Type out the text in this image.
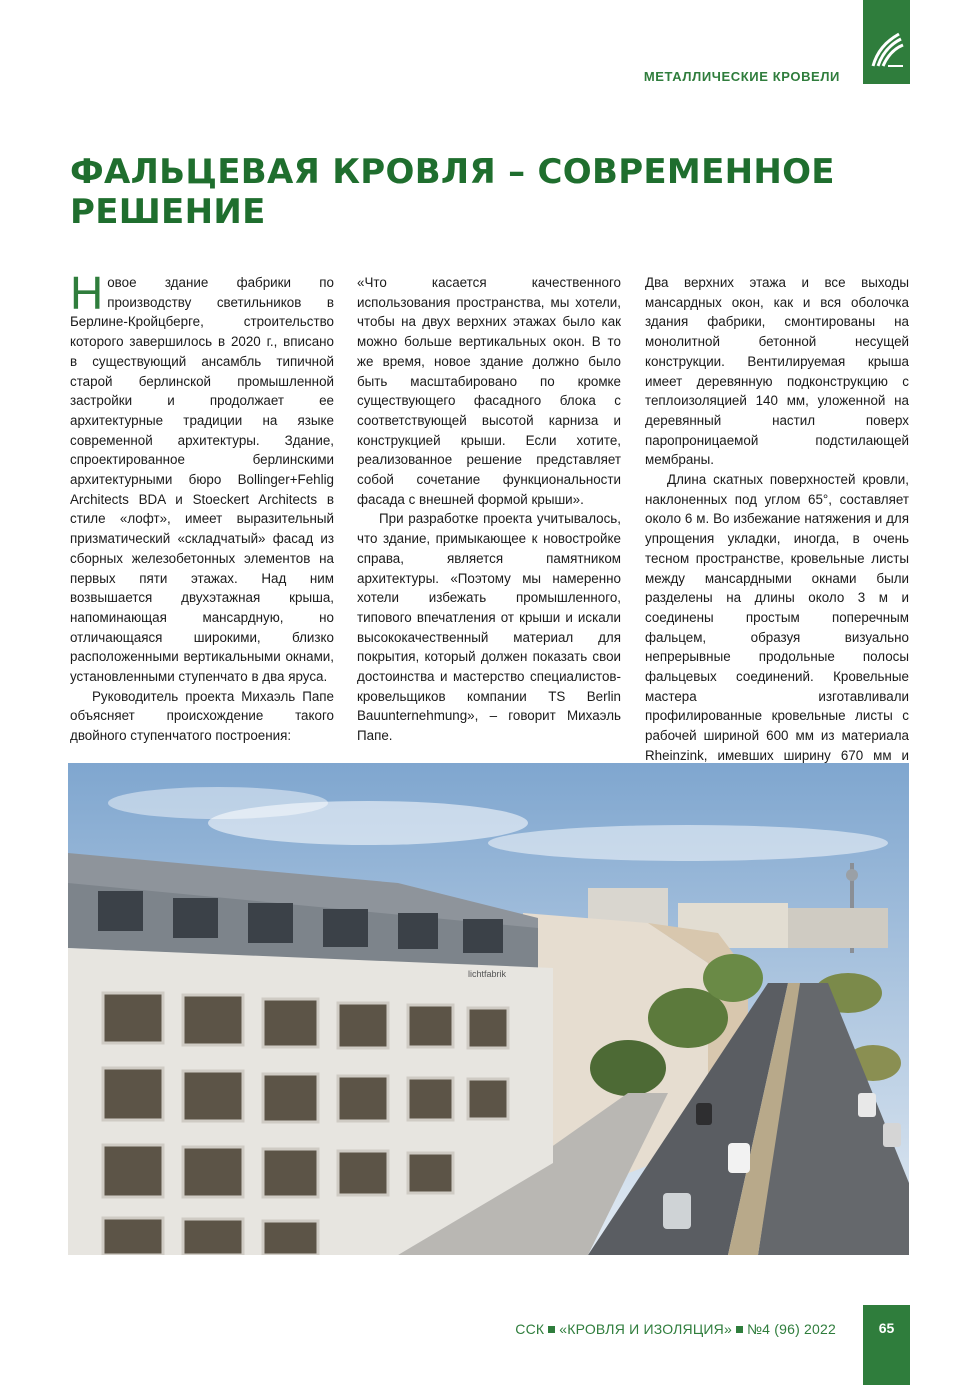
МЕТАЛЛИЧЕСКИЕ КРОВЕЛИ
ФАЛЬЦЕВАЯ КРОВЛЯ – СОВРЕМЕННОЕ РЕШЕНИЕ

Новое здание фабрики по производству светильников в Берлине-Кройцберге, строительство которого завершилось в 2020 г., вписано в существующий ансамбль типичной старой берлинской промышленной застройки и продолжает ее архитектурные традиции на языке современной архитектуры. Здание, спроектированное берлинскими архитектурными бюро Bollinger+Fehlig Architects BDA и Stoeckert Architects в стиле «лофт», имеет выразительный призматический «складчатый» фасад из сборных железобетонных элементов на первых пяти этажах. Над ним возвышается двухэтажная крыша, напоминающая мансардную, но отличающаяся широкими, близко расположенными вертикальными окнами, установленными ступенчато в два яруса.

Руководитель проекта Михаэль Папе объясняет происхождение такого двойного ступенчатого построения:

«Что касается качественного использования пространства, мы хотели, чтобы на двух верхних этажах было как можно больше вертикальных окон. В то же время, новое здание должно было быть масштабировано по кромке существующего фасадного блока с соответствующей высотой карниза и конструкцией крыши. Если хотите, реализованное решение представляет собой сочетание функциональности фасада с внешней формой крыши».

При разработке проекта учитывалось, что здание, примыкающее к новостройке справа, является памятником архитектуры. «Поэтому мы намеренно хотели избежать промышленного, типового впечатления от крыши и искали высококачественный материал для покрытия, который должен показать свои достоинства и мастерство специалистов- кровельщиков компании TS Berlin Bauunternehmung», – говорит Михаэль Папе.

Два верхних этажа и все выходы мансардных окон, как и вся оболочка здания фабрики, смонтированы на монолитной бетонной несущей конструкции. Вентилируемая крыша имеет деревянную подконструкцию с теплоизоляцией 140 мм, уложенной на деревянный настил поверх паропроницаемой подстилающей мембраны.

Длина скатных поверхностей кровли, наклоненных под углом 65°, составляет около 6 м. Во избежание натяжения и для упрощения укладки, иногда, в очень тесном пространстве, кровельные листы между мансардными окнами были разделены на длины около 3 м и соединены простым поперечным фальцем, образуя визуально непрерывные продольные полосы фальцевых соединений. Кровельные мастера изготавливали профилированные кровельные листы с рабочей шириной 600 мм из материала Rheinzink, имевших ширину 670 мм и

lichtfabrik
ССК «КРОВЛЯ И ИЗОЛЯЦИЯ» №4 (96) 2022	65
